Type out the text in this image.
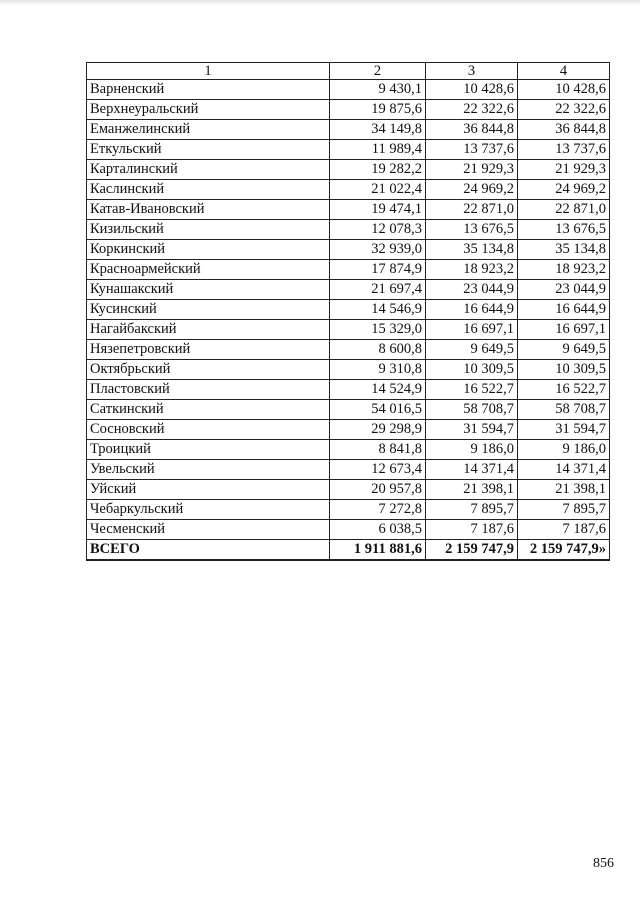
1	2	3	4
Варненский	9 430,1	10 428,6	10 428,6
Верхнеуральский	19 875,6	22 322,6	22 322,6
Еманжелинский	34 149,8	36 844,8	36 844,8
Еткульский	11 989,4	13 737,6	13 737,6
Карталинский	19 282,2	21 929,3	21 929,3
Каслинский	21 022,4	24 969,2	24 969,2
Катав-Ивановский	19 474,1	22 871,0	22 871,0
Кизильский	12 078,3	13 676,5	13 676,5
Коркинский	32 939,0	35 134,8	35 134,8
Красноармейский	17 874,9	18 923,2	18 923,2
Кунашакский	21 697,4	23 044,9	23 044,9
Кусинский	14 546,9	16 644,9	16 644,9
Нагайбакский	15 329,0	16 697,1	16 697,1
Нязепетровский	8 600,8	9 649,5	9 649,5
Октябрьский	9 310,8	10 309,5	10 309,5
Пластовский	14 524,9	16 522,7	16 522,7
Саткинский	54 016,5	58 708,7	58 708,7
Сосновский	29 298,9	31 594,7	31 594,7
Троицкий	8 841,8	9 186,0	9 186,0
Увельский	12 673,4	14 371,4	14 371,4
Уйский	20 957,8	21 398,1	21 398,1
Чебаркульский	7 272,8	7 895,7	7 895,7
Чесменский	6 038,5	7 187,6	7 187,6
ВСЕГО	1 911 881,6	2 159 747,9	2 159 747,9»
856
